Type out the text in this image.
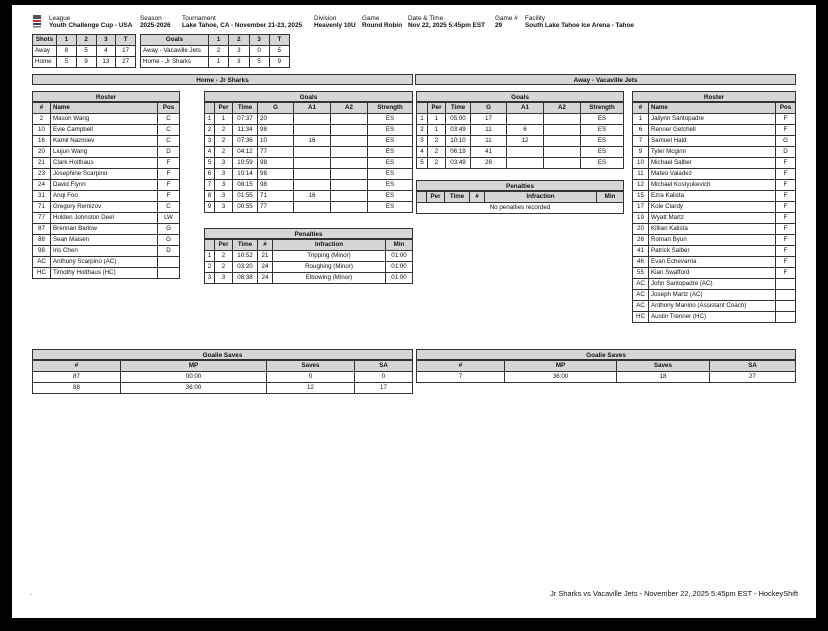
League
Youth Challenge Cup - USA
Season
2025-2026
Tournament
Lake Tahoe, CA - November 21-23, 2025
Division
Heavenly 10U
Game
Round Robin
Date & Time
Nov 22, 2025 5:45pm EST
Game #
29
Facility
South Lake Tahoe Ice Arena - Tahoe
Shots	1	2	3	T
Away	8	5	4	17
Home	5	9	13	27
Goals	1	2	3	T
Away - Vacaville Jets	2	3	0	5
Home - Jr Sharks	1	3	5	9
Home - Jr Sharks	Away - Vacaville Jets
Roster
#	Name	Pos
2	Mason Wang	C
10	Evie Campbell	C
16	Kamil Nazmiev	C
20	Liujun Wang	D
21	Clark Holthaus	F
23	Josephine Scarpino	F
24	David Flynn	F
31	Anqi Foo	F
71	Gregory Remizov	C
77	Holden Johnston Deel	LW
87	Brennan Barlow	G
88	Sean Maisen	G
98	Iris Chen	D
AC	Anthony Scarpino (AC)	
HC	Timothy Holthaus (HC)	
Goals
	Per	Time	G	A1	A2	Strength
1	1	07:37	20			ES
2	2	11:34	98			ES
3	2	07:36	10	16		ES
4	2	04:12	77			ES
5	3	10:59	98			ES
6	3	10:14	98			ES
7	3	08:15	98			ES
8	3	01:55	71	16		ES
9	3	00:55	77			ES
Penalties
	Per	Time	#	Infraction	Min
1	2	10:52	21	Tripping (Minor)	01:00
2	2	03:20	24	Roughing (Minor)	01:00
3	3	08:38	24	Elbowing (Minor)	01:00
Goals
	Per	Time	G	A1	A2	Strength
1	1	05:00	17			ES
2	1	03:49	11	6		ES
3	2	10:10	11	12		ES
4	2	06:19	41			ES
5	2	03:49	26			ES
Penalties
	Per	Time	#	Infraction	Min
No penalties recorded
Roster
#	Name	Pos
1	Jailynn Santopadre	F
6	Renner Getchell	F
7	Samuel Hald	G
9	Tyler Mcginn	D
10	Michael Salber	F
11	Mateo Valadez	F
12	Michael Kostyukevich	F
15	Ezra Kalista	F
17	Kole Clardy	F
19	Wyatt Martz	F
20	Killian Kalista	F
26	Roman Byun	F
41	Patrick Salber	F
46	Evan Echevarria	F
55	Kian Swafford	F
AC	John Santopadre (AC)	
AC	Joseph Martz (AC)	
AC	Anthony Manino (Assistant Coach)	
HC	Austin Trenner (HC)	
Goalie Saves
#	MP	Saves	SA
87	00:00	0	0
88	36:00	12	17
Goalie Saves
#	MP	Saves	SA
7	36:00	18	27
.	Jr Sharks vs Vacaville Jets - November 22, 2025 5:45pm EST - HockeyShift
